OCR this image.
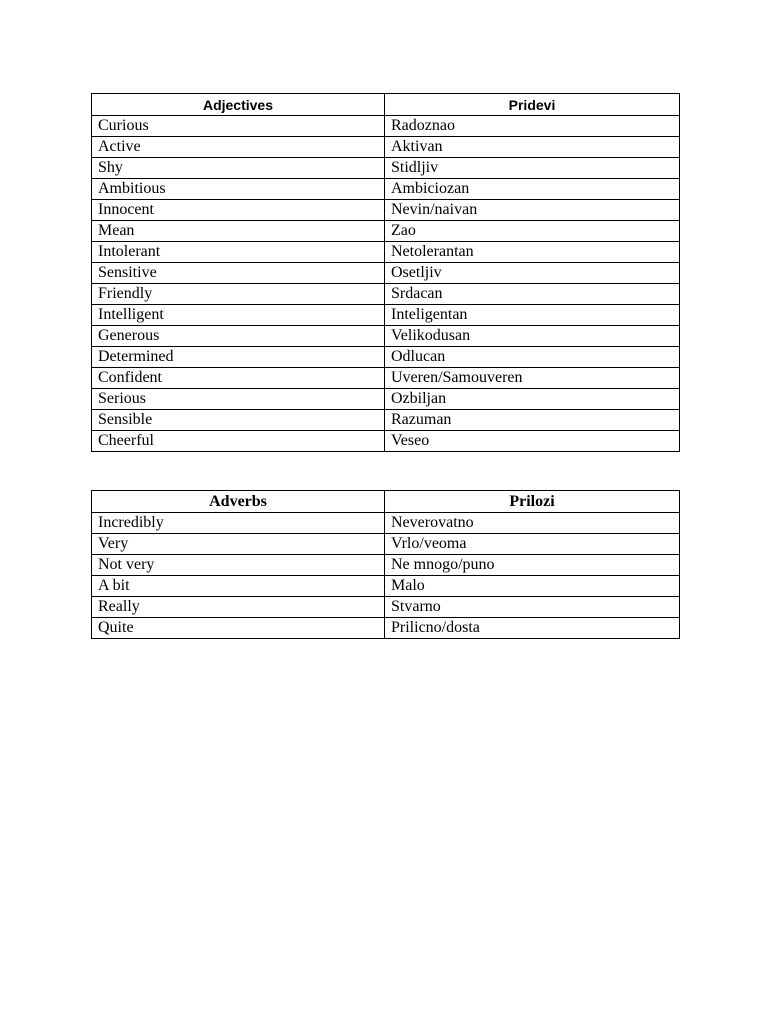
Adjectives	Pridevi
Curious	Radoznao
Active	Aktivan
Shy	Stidljiv
Ambitious	Ambiciozan
Innocent	Nevin/naivan
Mean	Zao
Intolerant	Netolerantan
Sensitive	Osetljiv
Friendly	Srdacan
Intelligent	Inteligentan
Generous	Velikodusan
Determined	Odlucan
Confident	Uveren/Samouveren
Serious	Ozbiljan
Sensible	Razuman
Cheerful	Veseo
Adverbs	Prilozi
Incredibly	Neverovatno
Very	Vrlo/veoma
Not very	Ne mnogo/puno
A bit	Malo
Really	Stvarno
Quite	Prilicno/dosta
